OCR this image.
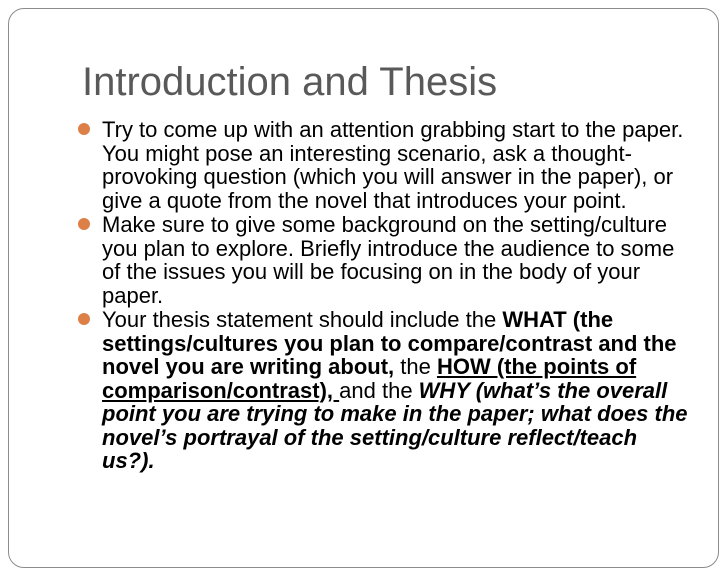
Introduction and Thesis
Try to come up with an attention grabbing start to the paper. You might pose an interesting scenario, ask a thought-provoking question (which you will answer in the paper), or give a quote from the novel that introduces your point.
Make sure to give some background on the setting/culture you plan to explore. Briefly introduce the audience to some of the issues you will be focusing on in the body of your paper.
Your thesis statement should include the WHAT (the settings/cultures you plan to compare/contrast and the novel you are writing about, the HOW (the points of comparison/contrast), and the WHY (what’s the overall point you are trying to make in the paper; what does the novel’s portrayal of the setting/culture reflect/teach us?).
